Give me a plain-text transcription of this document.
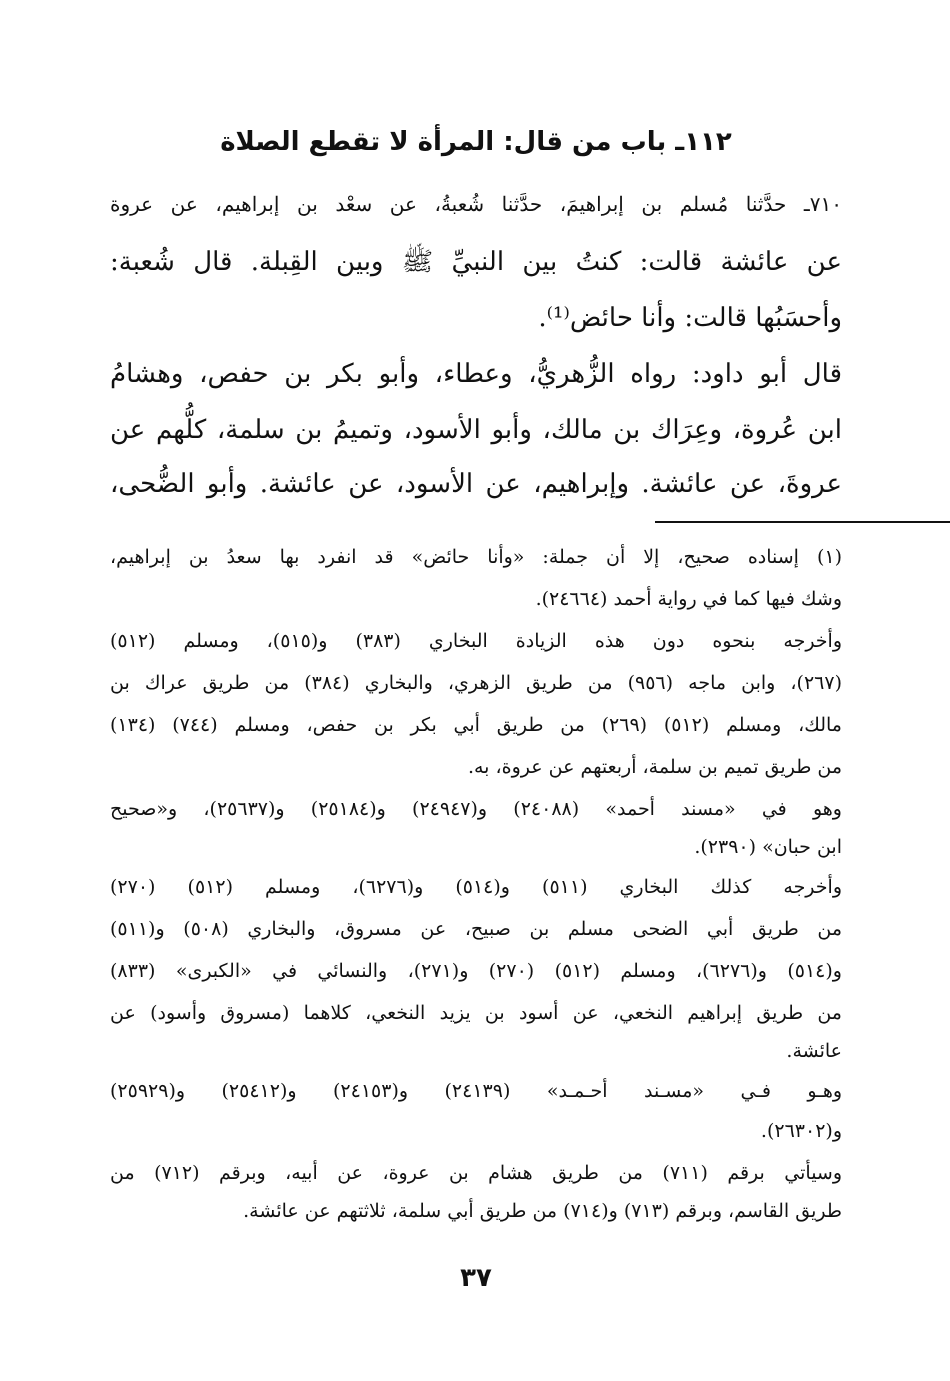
١١٢ـ باب من قال: المرأة لا تقطع الصلاة
٧١٠ـ حدَّثنا مُسلم بن إبراهيمَ، حدَّثنا شُعبةُ، عن سعْد بن إبراهيم، عن عروة
عن عائشة قالت: كنتُ بين النبيِّ ﷺ وبين القِبلة. قال شُعبة:
وأحسَبُها قالت: وأنا حائض⁽¹⁾.
قال أبو داود: رواه الزُّهريُّ، وعطاء، وأبو بكر بن حفص، وهشامُ
ابن عُروة، وعِرَاك بن مالك، وأبو الأسود، وتميمُ بن سلمة، كلُّهم عن
عروةَ، عن عائشة. وإبراهيم، عن الأسود، عن عائشة. وأبو الضُّحى،
(١) إسناده صحيح، إلا أن جملة: «وأنا حائض» قد انفرد بها سعدُ بن إبراهيم،
وشك فيها كما في رواية أحمد (٢٤٦٦٤).
وأخرجه بنحوه دون هذه الزيادة البخاري (٣٨٣) و(٥١٥)، ومسلم (٥١٢)
(٢٦٧)، وابن ماجه (٩٥٦) من طريق الزهري، والبخاري (٣٨٤) من طريق عراك بن
مالك، ومسلم (٥١٢) (٢٦٩) من طريق أبي بكر بن حفص، ومسلم (٧٤٤) (١٣٤)
من طريق تميم بن سلمة، أربعتهم عن عروة، به.
وهو في «مسند أحمد» (٢٤٠٨٨) و(٢٤٩٤٧) و(٢٥١٨٤) و(٢٥٦٣٧)، و«صحيح
ابن حبان» (٢٣٩٠).
وأخرجه كذلك البخاري (٥١١) و(٥١٤) و(٦٢٧٦)، ومسلم (٥١٢) (٢٧٠)
من طريق أبي الضحى مسلم بن صبيح، عن مسروق، والبخاري (٥٠٨) و(٥١١)
و(٥١٤) و(٦٢٧٦)، ومسلم (٥١٢) (٢٧٠) و(٢٧١)، والنسائي في «الكبرى» (٨٣٣)
من طريق إبراهيم النخعي، عن أسود بن يزيد النخعي، كلاهما (مسروق وأسود) عن
عائشة.
وهـو فـي «مسـند أحـمـد» (٢٤١٣٩) و(٢٤١٥٣) و(٢٥٤١٢) و(٢٥٩٢٩)
و(٢٦٣٠٢).
وسيأتي برقم (٧١١) من طريق هشام بن عروة، عن أبيه، وبرقم (٧١٢) من
طريق القاسم، وبرقم (٧١٣) و(٧١٤) من طريق أبي سلمة، ثلاثتهم عن عائشة.
٣٧
